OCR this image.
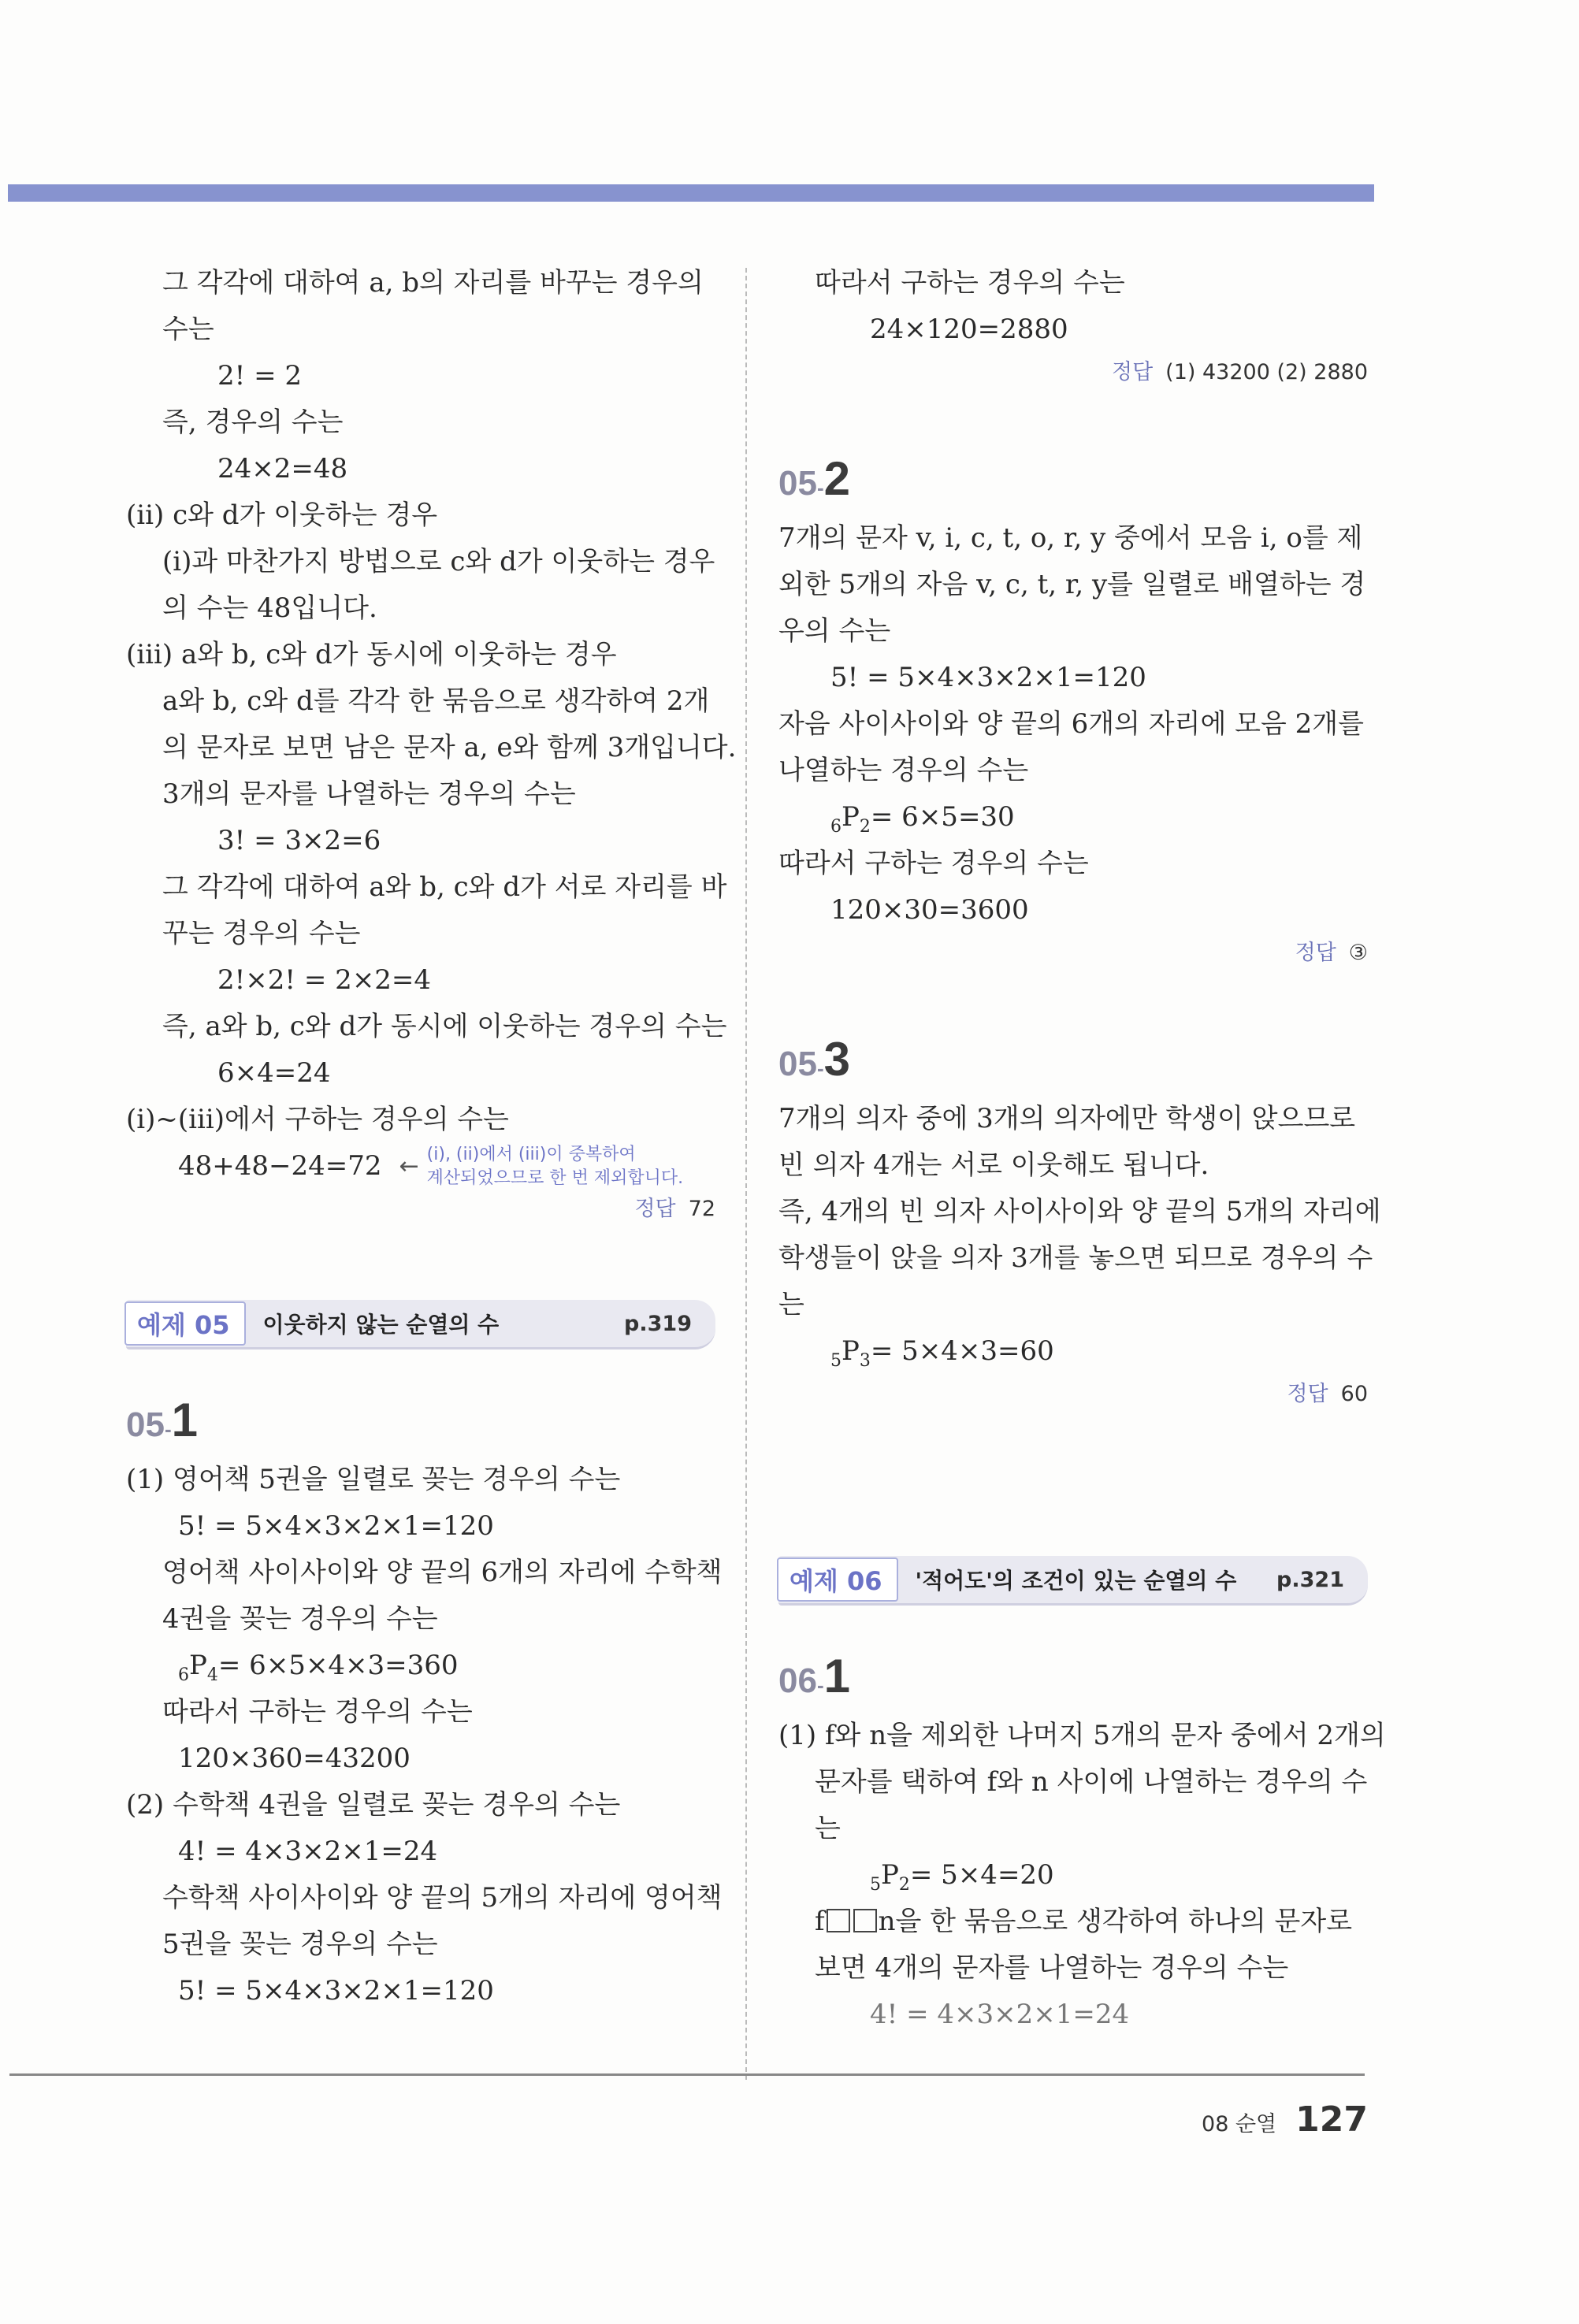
그 각각에 대하여 a, b의 자리를 바꾸는 경우의
수는
2! = 2
즉, 경우의 수는
24×2=48
(ii) c와 d가 이웃하는 경우
(i)과 마찬가지 방법으로 c와 d가 이웃하는 경우
의 수는 48입니다.
(iii) a와 b, c와 d가 동시에 이웃하는 경우
a와 b, c와 d를 각각 한 묶음으로 생각하여 2개
의 문자로 보면 남은 문자 a, e와 함께 3개입니다.
3개의 문자를 나열하는 경우의 수는
3! = 3×2=6
그 각각에 대하여 a와 b, c와 d가 서로 자리를 바
꾸는 경우의 수는
2!×2! = 2×2=4
즉, a와 b, c와 d가 동시에 이웃하는 경우의 수는
6×4=24
(i)~(iii)에서 구하는 경우의 수는
48+48−24=72 ← (i), (ii)에서 (iii)이 중복하여
계산되었으므로 한 번 제외합니다.
정답 72
예제 05	이웃하지 않는 순열의 수	p.319
05-1
(1) 영어책 5권을 일렬로 꽂는 경우의 수는
5! = 5×4×3×2×1=120
영어책 사이사이와 양 끝의 6개의 자리에 수학책
4권을 꽂는 경우의 수는
$_6P_4= 6\times 5\times 4\times 3=360$
따라서 구하는 경우의 수는
120×360=43200
(2) 수학책 4권을 일렬로 꽂는 경우의 수는
4! = 4×3×2×1=24
수학책 사이사이와 양 끝의 5개의 자리에 영어책
5권을 꽂는 경우의 수는
5! = 5×4×3×2×1=120
따라서 구하는 경우의 수는
24×120=2880
정답 (1) 43200 (2) 2880
05-2
7개의 문자 v, i, c, t, o, r, y 중에서 모음 i, o를 제
외한 5개의 자음 v, c, t, r, y를 일렬로 배열하는 경
우의 수는
5! = 5×4×3×2×1=120
자음 사이사이와 양 끝의 6개의 자리에 모음 2개를
나열하는 경우의 수는
$_6P_2= 6\times 5=30$
따라서 구하는 경우의 수는
120×30=3600
정답 ③
05-3
7개의 의자 중에 3개의 의자에만 학생이 앉으므로
빈 의자 4개는 서로 이웃해도 됩니다.
즉, 4개의 빈 의자 사이사이와 양 끝의 5개의 자리에
학생들이 앉을 의자 3개를 놓으면 되므로 경우의 수
는
$_5P_3= 5\times 4\times 3=60$
정답 60
예제 06	'적어도'의 조건이 있는 순열의 수	p.321
06-1
(1) f와 n을 제외한 나머지 5개의 문자 중에서 2개의
문자를 택하여 f와 n 사이에 나열하는 경우의 수
는
$_5P_2= 5\times 4=20$
f n을 한 묶음으로 생각하여 하나의 문자로
보면 4개의 문자를 나열하는 경우의 수는
4! = 4×3×2×1=24
08 순열 127
